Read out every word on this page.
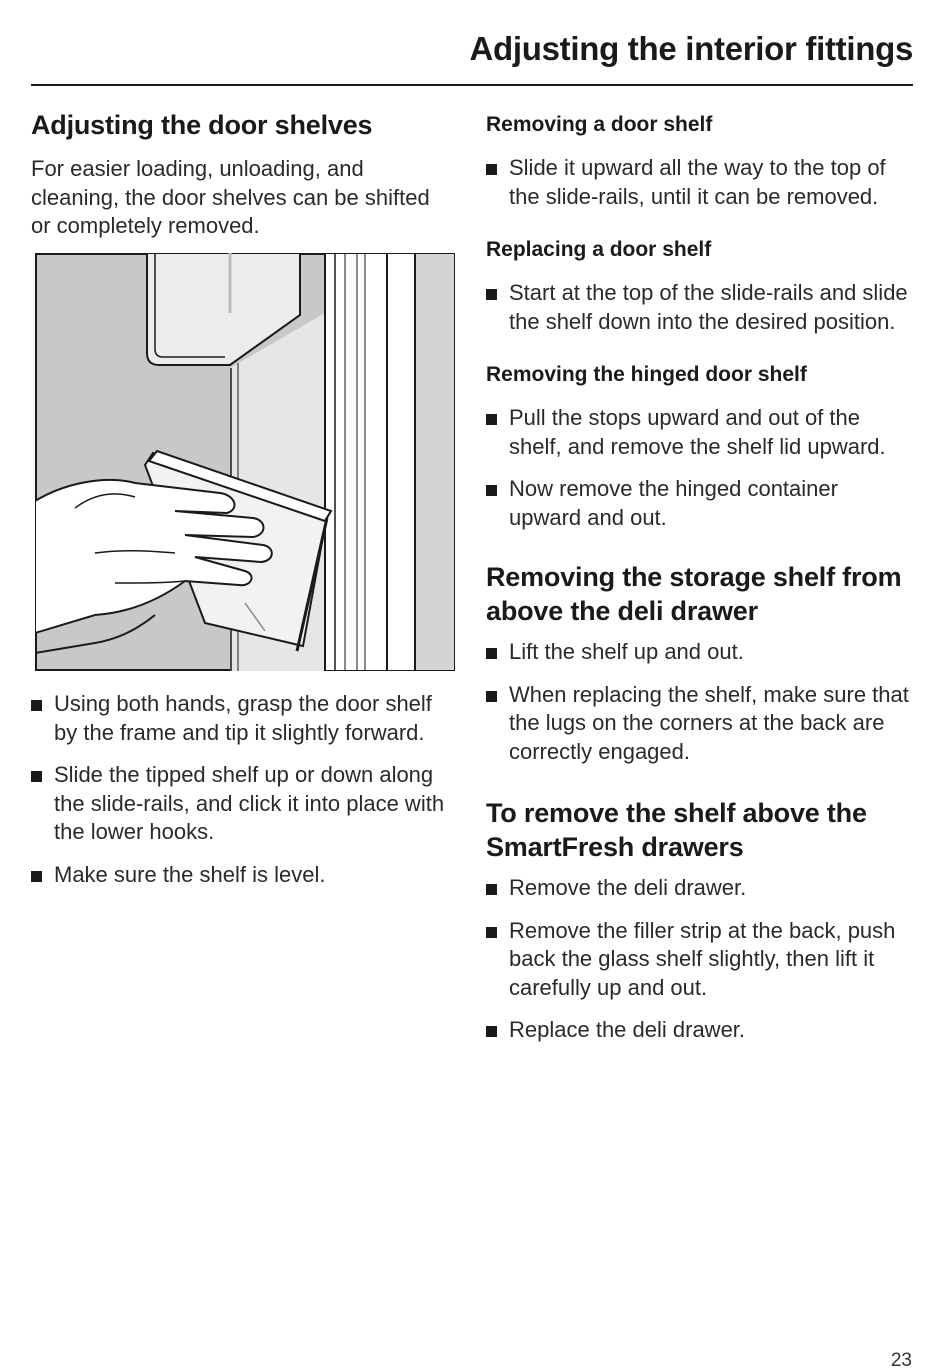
Adjusting the interior fittings
Adjusting the door shelves

For easier loading, unloading, and cleaning, the door shelves can be shifted or completely removed.

Using both hands, grasp the door shelf by the frame and tip it slightly forward.
Slide the tipped shelf up or down along the slide-rails, and click it into place with the lower hooks.
Make sure the shelf is level.
Removing a door shelf
Slide it upward all the way to the top of the slide-rails, until it can be removed.
Replacing a door shelf
Start at the top of the slide-rails and slide the shelf down into the desired position.
Removing the hinged door shelf
Pull the stops upward and out of the shelf, and remove the shelf lid upward.
Now remove the hinged container upward and out.
Removing the storage shelf from above the deli drawer
Lift the shelf up and out.
When replacing the shelf, make sure that the lugs on the corners at the back are correctly engaged.
To remove the shelf above the SmartFresh drawers
Remove the deli drawer.
Remove the filler strip at the back, push back the glass shelf slightly, then lift it carefully up and out.
Replace the deli drawer.
23
